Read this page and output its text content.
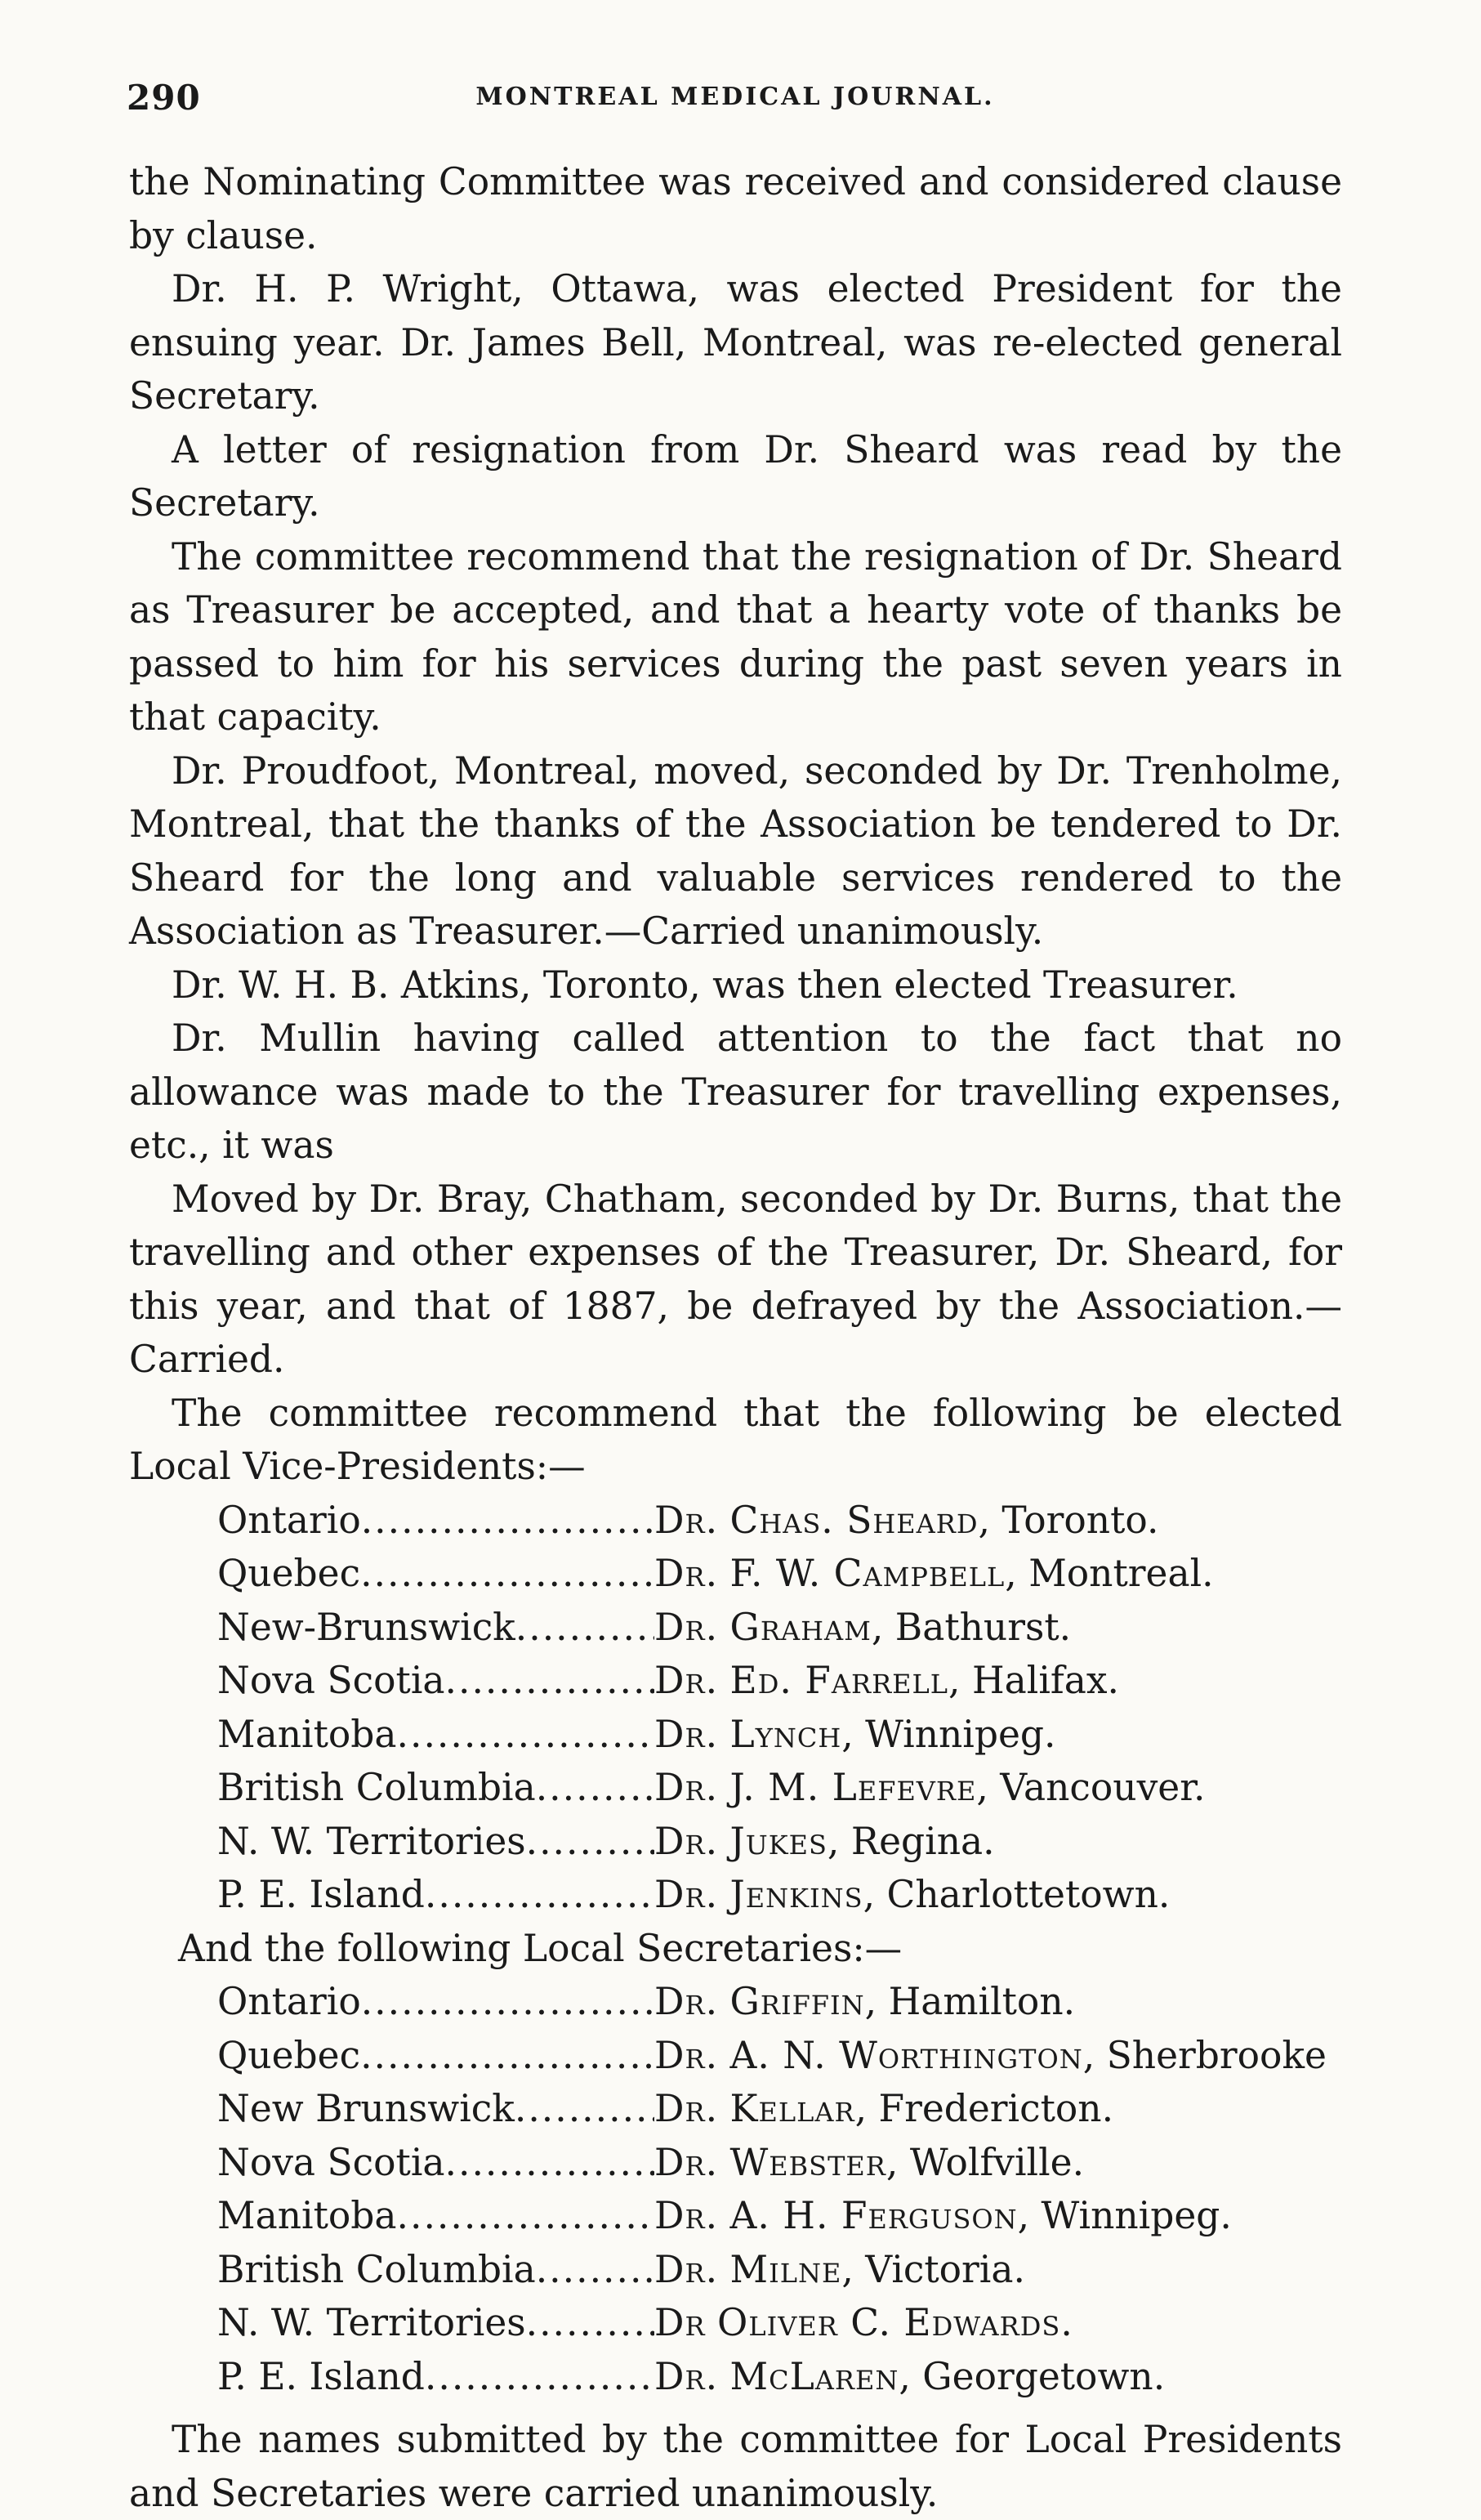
290	MONTREAL MEDICAL JOURNAL.

the Nominating Committee was received and considered clause by clause.

Dr. H. P. Wright, Ottawa, was elected President for the ensuing year. Dr. James Bell, Montreal, was re-elected general Secretary.

A letter of resignation from Dr. Sheard was read by the Secretary.

The committee recommend that the resignation of Dr. Sheard as Treasurer be accepted, and that a hearty vote of thanks be passed to him for his services during the past seven years in that capacity.

Dr. Proudfoot, Montreal, moved, seconded by Dr. Trenholme, Montreal, that the thanks of the Association be tendered to Dr. Sheard for the long and valuable services rendered to the Association as Treasurer.—Carried unanimously.

Dr. W. H. B. Atkins, Toronto, was then elected Treasurer.

Dr. Mullin having called attention to the fact that no allowance was made to the Treasurer for travelling expenses, etc., it was

Moved by Dr. Bray, Chatham, seconded by Dr. Burns, that the travelling and other expenses of the Treasurer, Dr. Sheard, for this year, and that of 1887, be defrayed by the Association.—Carried.

The committee recommend that the following be elected Local Vice-Presidents:—

Ontario .....	Dr. Chas. Sheard, Toronto.
Quebec .....	Dr. F. W. Campbell, Montreal.
New-Brunswick .....	Dr. Graham, Bathurst.
Nova Scotia .....	Dr. Ed. Farrell, Halifax.
Manitoba .....	Dr. Lynch, Winnipeg.
British Columbia .....	Dr. J. M. Lefevre, Vancouver.
N. W. Territories .....	Dr. Jukes, Regina.
P. E. Island .....	Dr. Jenkins, Charlottetown.

And the following Local Secretaries:—

Ontario .....	Dr. Griffin, Hamilton.
Quebec .....	Dr. A. N. Worthington, Sherbrooke
New Brunswick .....	Dr. Kellar, Fredericton.
Nova Scotia .....	Dr. Webster, Wolfville.
Manitoba .....	Dr. A. H. Ferguson, Winnipeg.
British Columbia .....	Dr. Milne, Victoria.
N. W. Territories .....	Dr Oliver C. Edwards.
P. E. Island .....	Dr. McLaren, Georgetown.

The names submitted by the committee for Local Presidents and Secretaries were carried unanimously.
